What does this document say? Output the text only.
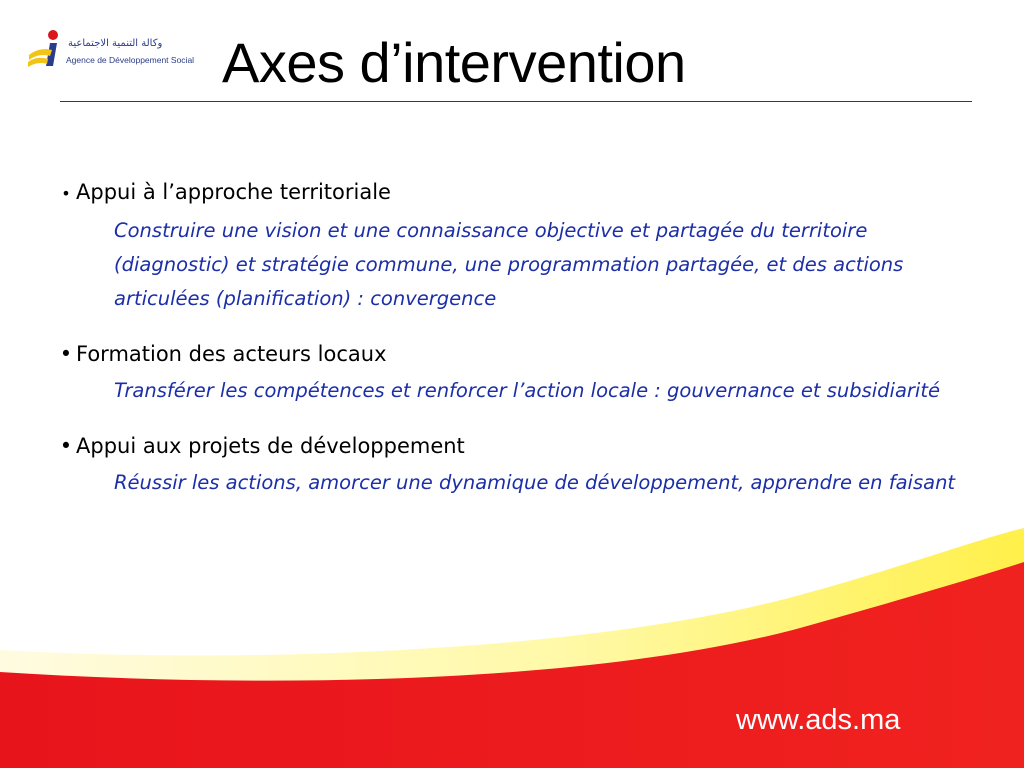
وكالة التنمية الاجتماعية
Agence de Développement Social Axes d’intervention
• Appui à l’approche territoriale
Construire une vision et une connaissance objective et partagée du territoire (diagnostic) et stratégie commune, une programmation partagée, et des actions articulées (planification) : convergence
• Formation des acteurs locaux
Transférer les compétences et renforcer l’action locale : gouvernance et subsidiarité
• Appui aux projets de développement
Réussir les actions, amorcer une dynamique de développement, apprendre en faisant
www.ads.ma
